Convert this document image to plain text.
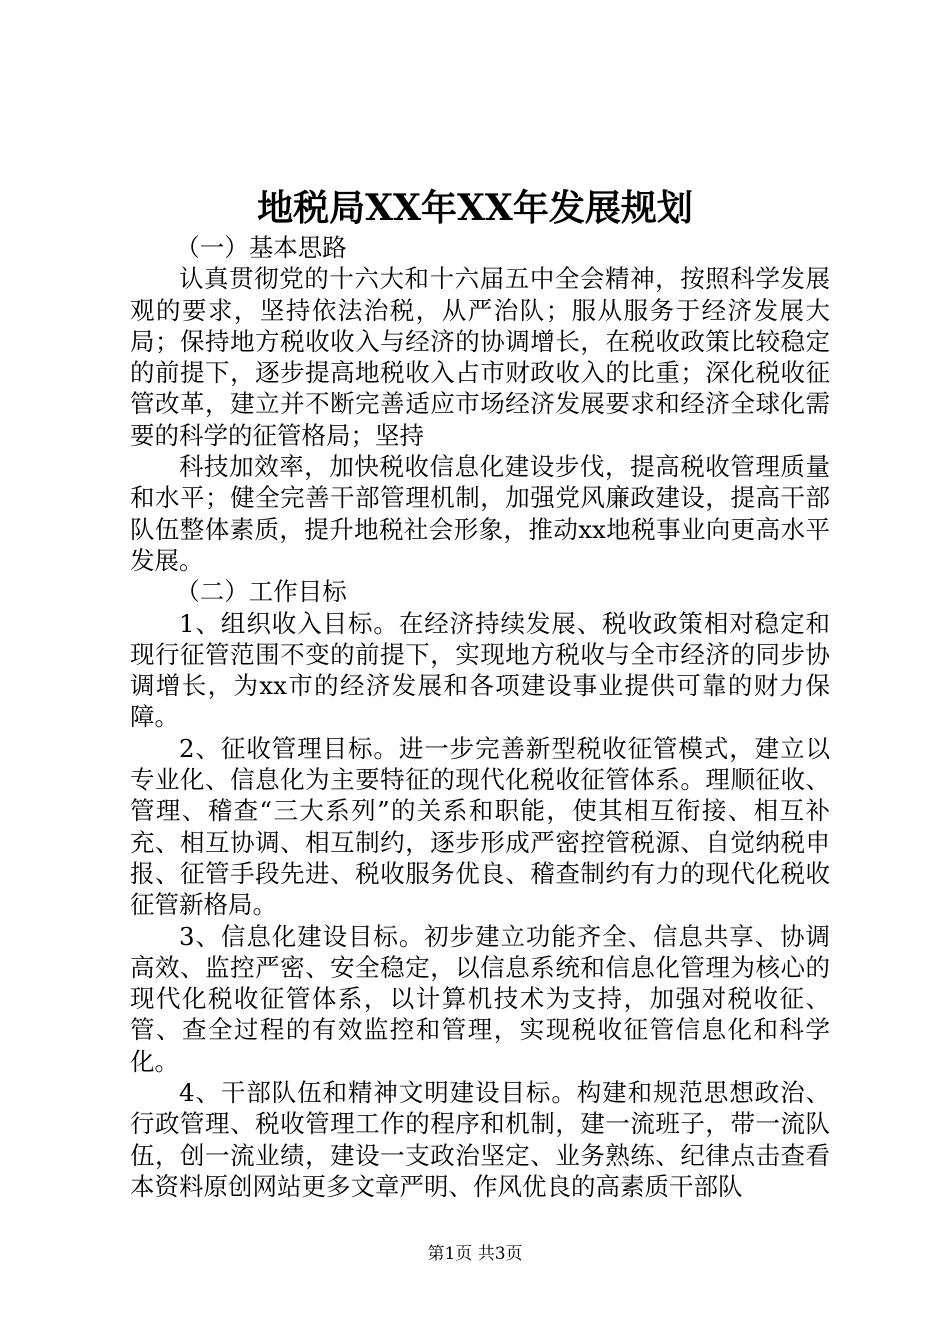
地税局XX年XX年发展规划

（一）基本思路

认真贯彻党的十六大和十六届五中全会精神，按照科学发展观的要求，坚持依法治税，从严治队；服从服务于经济发展大局；保持地方税收收入与经济的协调增长，在税收政策比较稳定的前提下，逐步提高地税收入占市财政收入的比重；深化税收征管改革，建立并不断完善适应市场经济发展要求和经济全球化需要的科学的征管格局；坚持

科技加效率，加快税收信息化建设步伐，提高税收管理质量和水平；健全完善干部管理机制，加强党风廉政建设，提高干部队伍整体素质，提升地税社会形象，推动xx地税事业向更高水平发展。

（二）工作目标

1、组织收入目标。在经济持续发展、税收政策相对稳定和现行征管范围不变的前提下，实现地方税收与全市经济的同步协调增长，为xx市的经济发展和各项建设事业提供可靠的财力保障。

2、征收管理目标。进一步完善新型税收征管模式，建立以专业化、信息化为主要特征的现代化税收征管体系。理顺征收、管理、稽查“三大系列”的关系和职能，使其相互衔接、相互补充、相互协调、相互制约，逐步形成严密控管税源、自觉纳税申报、征管手段先进、税收服务优良、稽查制约有力的现代化税收征管新格局。

3、信息化建设目标。初步建立功能齐全、信息共享、协调高效、监控严密、安全稳定，以信息系统和信息化管理为核心的现代化税收征管体系，以计算机技术为支持，加强对税收征、管、查全过程的有效监控和管理，实现税收征管信息化和科学化。

4、干部队伍和精神文明建设目标。构建和规范思想政治、行政管理、税收管理工作的程序和机制，建一流班子，带一流队伍，创一流业绩，建设一支政治坚定、业务熟练、纪律点击查看本资料原创网站更多文章严明、作风优良的高素质干部队

第1页 共3页
